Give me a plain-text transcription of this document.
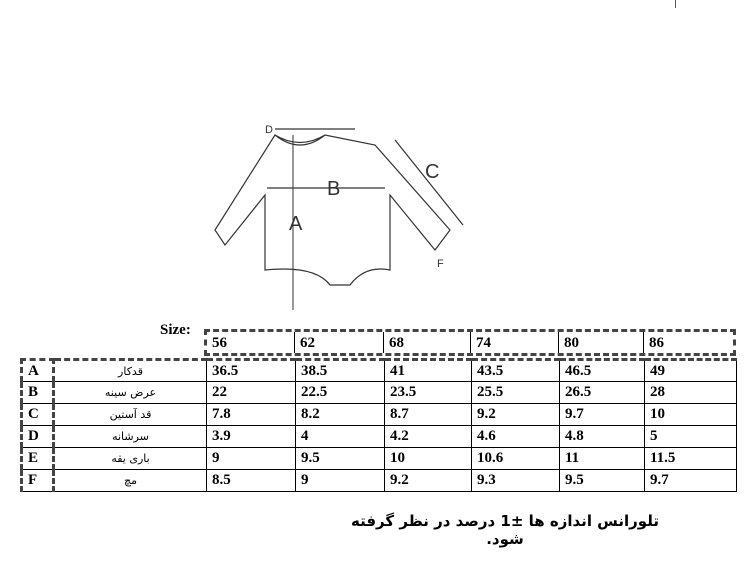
B
A
C
D
F
Size:
56	62	68	74	80	86
A	قدکار	36.5	38.5	41	43.5	46.5	49
B	عرض سینه	22	22.5	23.5	25.5	26.5	28
C	قد آستین	7.8	8.2	8.7	9.2	9.7	10
D	سرشانه	3.9	4	4.2	4.6	4.8	5
E	باری یقه	9	9.5	10	10.6	11	11.5
F	مچ	8.5	9	9.2	9.3	9.5	9.7
تلورانس اندازه ها ±1 درصد در نظر گرفته شود.
